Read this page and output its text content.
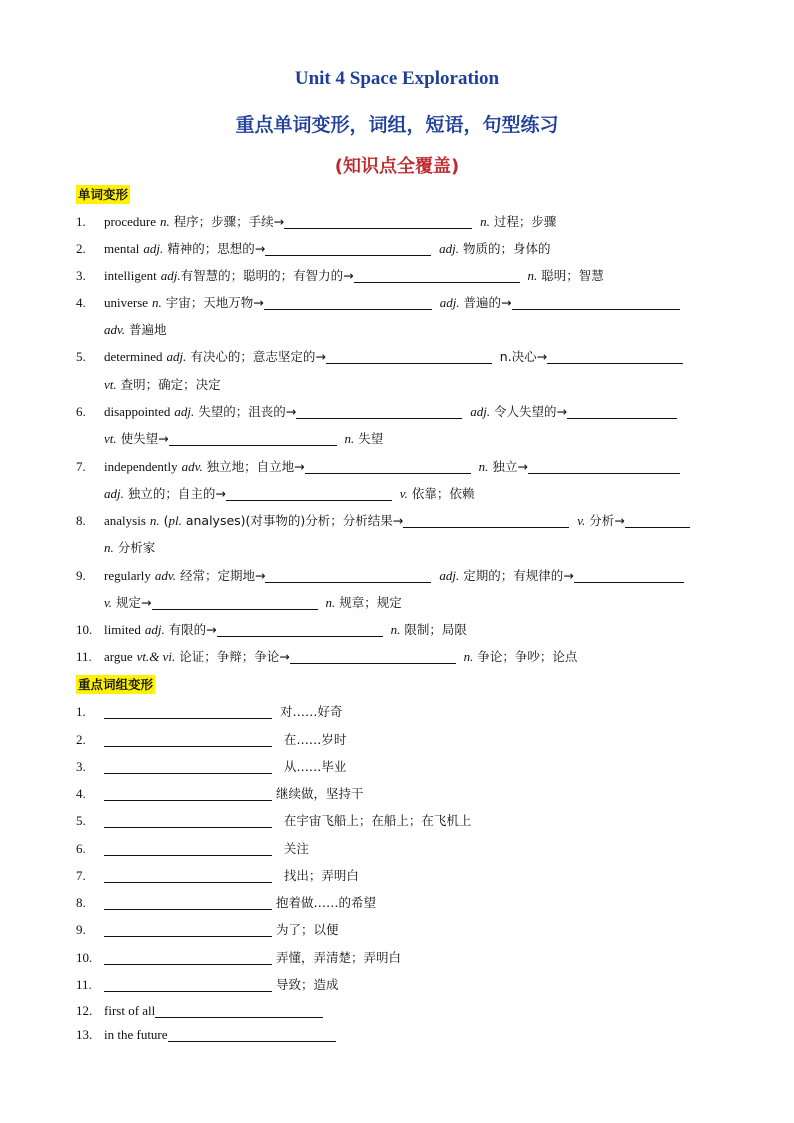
Unit 4 Space Exploration
重点单词变形，词组，短语，句型练习
(知识点全覆盖)
单词变形
1. procedure n. 程序；步骤；手续→	n. 过程；步骤
2. mental adj. 精神的；思想的→	adj. 物质的；身体的
3. intelligent adj.有智慧的；聪明的；有智力的→	n. 聪明；智慧
4. universe n. 宇宙；天地万物→	adj. 普遍的→
adv. 普遍地
5. determined adj. 有决心的；意志坚定的→	n.决心→
vt. 查明；确定；决定
6. disappointed adj. 失望的；沮丧的→	adj. 令人失望的→
vt. 使失望→	n. 失望
7. independently adv. 独立地；自立地→	n. 独立→
adj. 独立的；自主的→	v. 依靠；依赖
8. analysis n. (pl. analyses)(对事物的)分析；分析结果→	v. 分析→
n. 分析家
9. regularly adv. 经常；定期地→	adj. 定期的；有规律的→
v. 规定→	n. 规章；规定
10. limited adj. 有限的→	n. 限制；局限
11. argue vt.& vi. 论证；争辩；争论→	n. 争论；争吵；论点
重点词组变形
1.	对……好奇
2.	在……岁时
3.	从……毕业
4.	继续做，坚持干
5.	在宇宙飞船上；在船上；在飞机上
6.	关注
7.	找出；弄明白
8.	抱着做……的希望
9.	为了；以便
10.	弄懂，弄清楚；弄明白
11.	导致；造成
12. first of all
13. in the future
